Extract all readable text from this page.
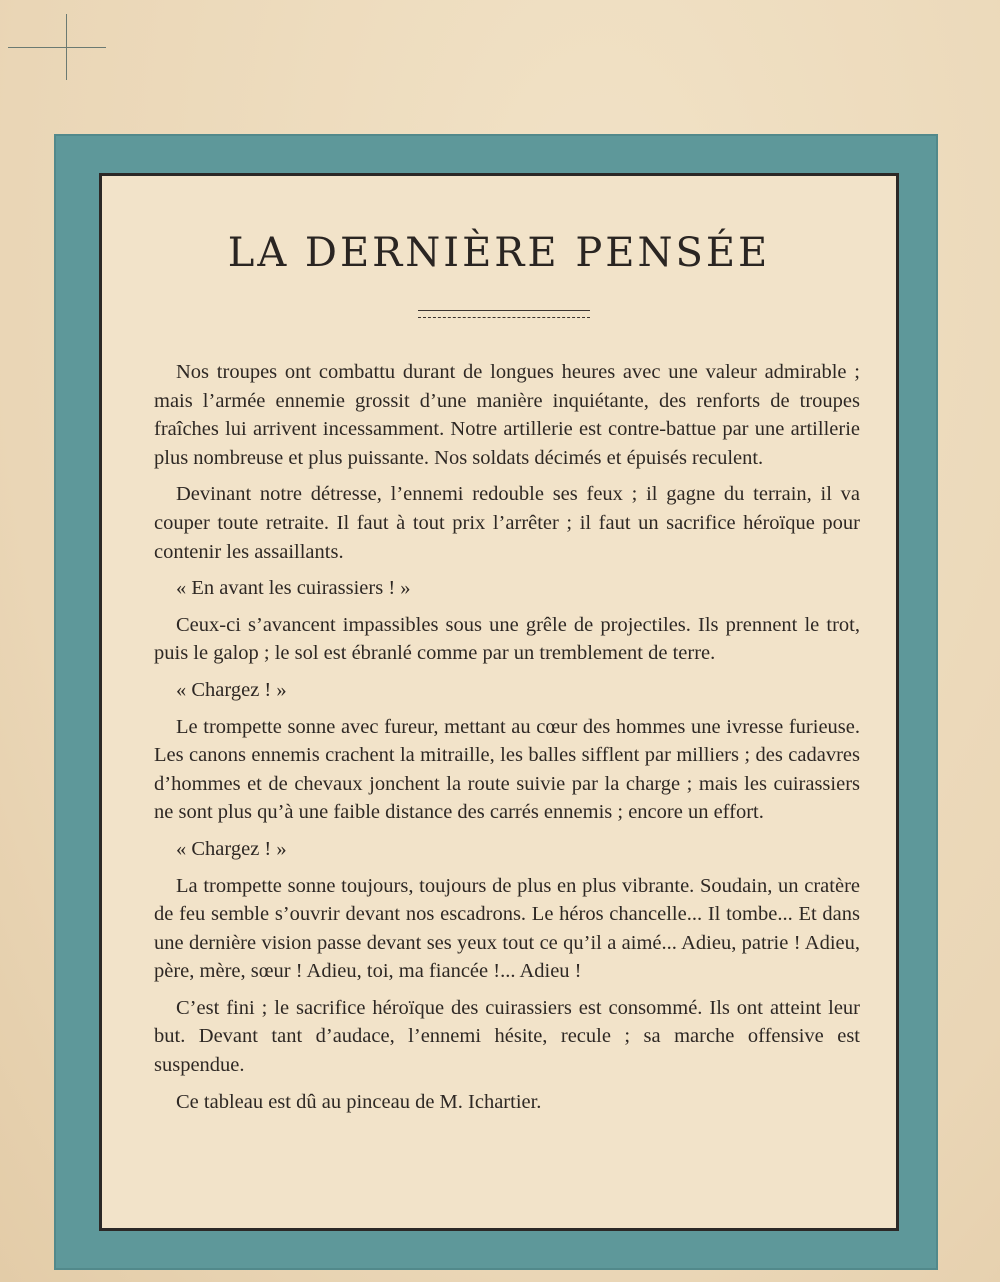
LA DERNIÈRE PENSÉE

Nos troupes ont combattu durant de longues heures avec une valeur admirable ; mais l’armée ennemie grossit d’une manière inquiétante, des renforts de troupes fraîches lui arrivent incessamment. Notre artillerie est contre-battue par une artillerie plus nombreuse et plus puissante. Nos soldats décimés et épuisés reculent.

Devinant notre détresse, l’ennemi redouble ses feux ; il gagne du terrain, il va couper toute retraite. Il faut à tout prix l’arrêter ; il faut un sacrifice héroïque pour contenir les assaillants.

« En avant les cuirassiers ! »

Ceux-ci s’avancent impassibles sous une grêle de projectiles. Ils prennent le trot, puis le galop ; le sol est ébranlé comme par un tremblement de terre.

« Chargez ! »

Le trompette sonne avec fureur, mettant au cœur des hommes une ivresse furieuse. Les canons ennemis crachent la mitraille, les balles sifflent par milliers ; des cadavres d’hommes et de chevaux jonchent la route suivie par la charge ; mais les cuirassiers ne sont plus qu’à une faible distance des carrés ennemis ; encore un effort.

« Chargez ! »

La trompette sonne toujours, toujours de plus en plus vibrante. Soudain, un cratère de feu semble s’ouvrir devant nos escadrons. Le héros chancelle... Il tombe... Et dans une dernière vision passe devant ses yeux tout ce qu’il a aimé... Adieu, patrie ! Adieu, père, mère, sœur ! Adieu, toi, ma fiancée !... Adieu !

C’est fini ; le sacrifice héroïque des cuirassiers est consommé. Ils ont atteint leur but. Devant tant d’audace, l’ennemi hésite, recule ; sa marche offensive est suspendue.

Ce tableau est dû au pinceau de M. Ichartier.
